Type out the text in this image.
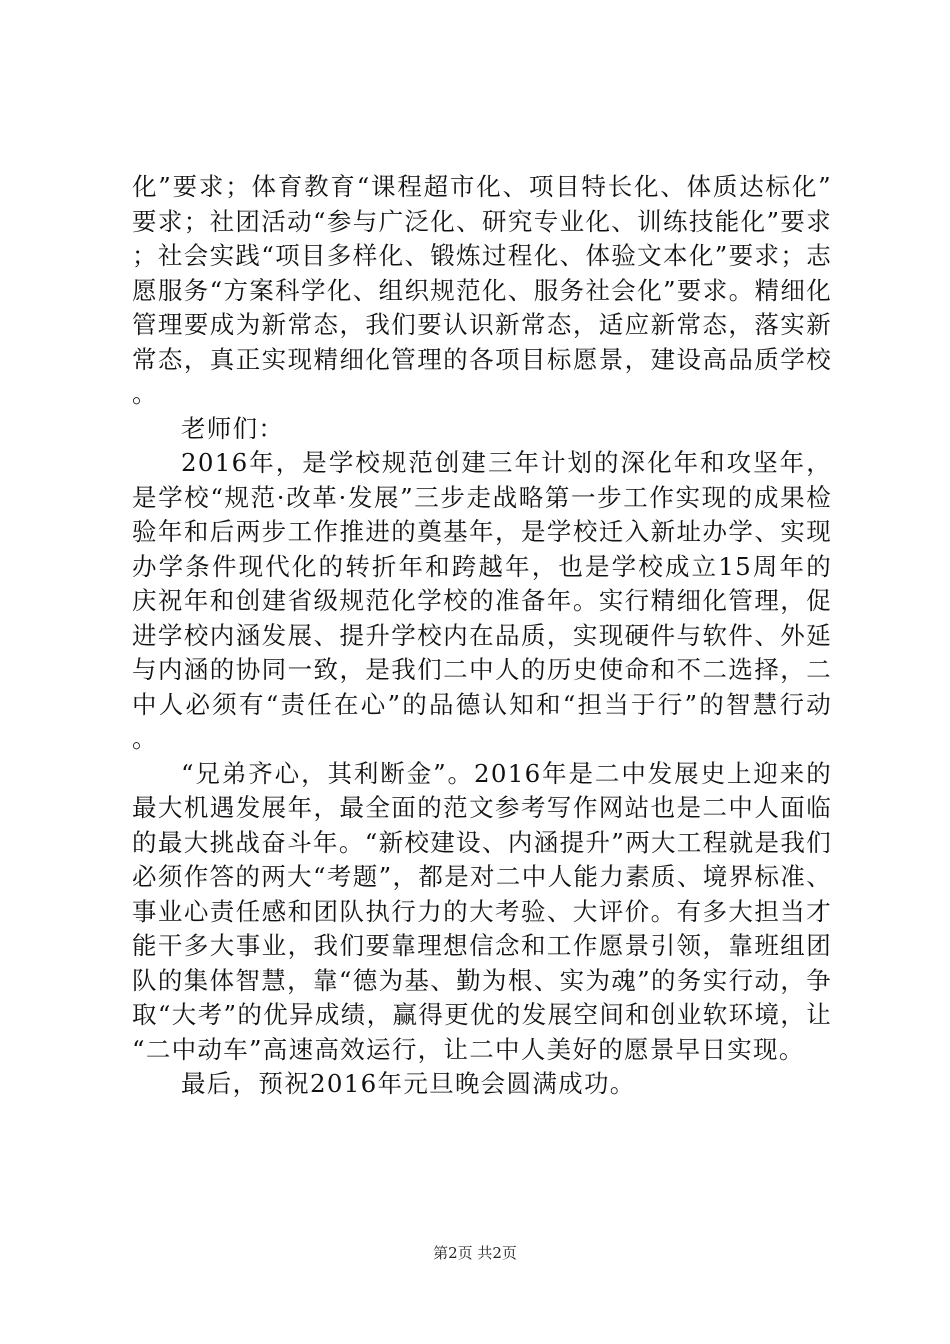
化”要求；体育教育“课程超市化、项目特长化、体质达标化”要求；社团活动“参与广泛化、研究专业化、训练技能化”要求；社会实践“项目多样化、锻炼过程化、体验文本化”要求；志愿服务“方案科学化、组织规范化、服务社会化”要求。精细化管理要成为新常态，我们要认识新常态，适应新常态，落实新常态，真正实现精细化管理的各项目标愿景，建设高品质学校。

老师们：

2016年，是学校规范创建三年计划的深化年和攻坚年，是学校“规范·改革·发展”三步走战略第一步工作实现的成果检验年和后两步工作推进的奠基年，是学校迁入新址办学、实现办学条件现代化的转折年和跨越年，也是学校成立15周年的庆祝年和创建省级规范化学校的准备年。实行精细化管理，促进学校内涵发展、提升学校内在品质，实现硬件与软件、外延与内涵的协同一致，是我们二中人的历史使命和不二选择，二中人必须有“责任在心”的品德认知和“担当于行”的智慧行动。

“兄弟齐心，其利断金”。2016年是二中发展史上迎来的最大机遇发展年，最全面的范文参考写作网站也是二中人面临的最大挑战奋斗年。“新校建设、内涵提升”两大工程就是我们必须作答的两大“考题”，都是对二中人能力素质、境界标准、事业心责任感和团队执行力的大考验、大评价。有多大担当才能干多大事业，我们要靠理想信念和工作愿景引领，靠班组团队的集体智慧，靠“德为基、勤为根、实为魂”的务实行动，争取“大考”的优异成绩，赢得更优的发展空间和创业软环境，让“二中动车”高速高效运行，让二中人美好的愿景早日实现。

最后，预祝2016年元旦晚会圆满成功。

第2页 共2页
